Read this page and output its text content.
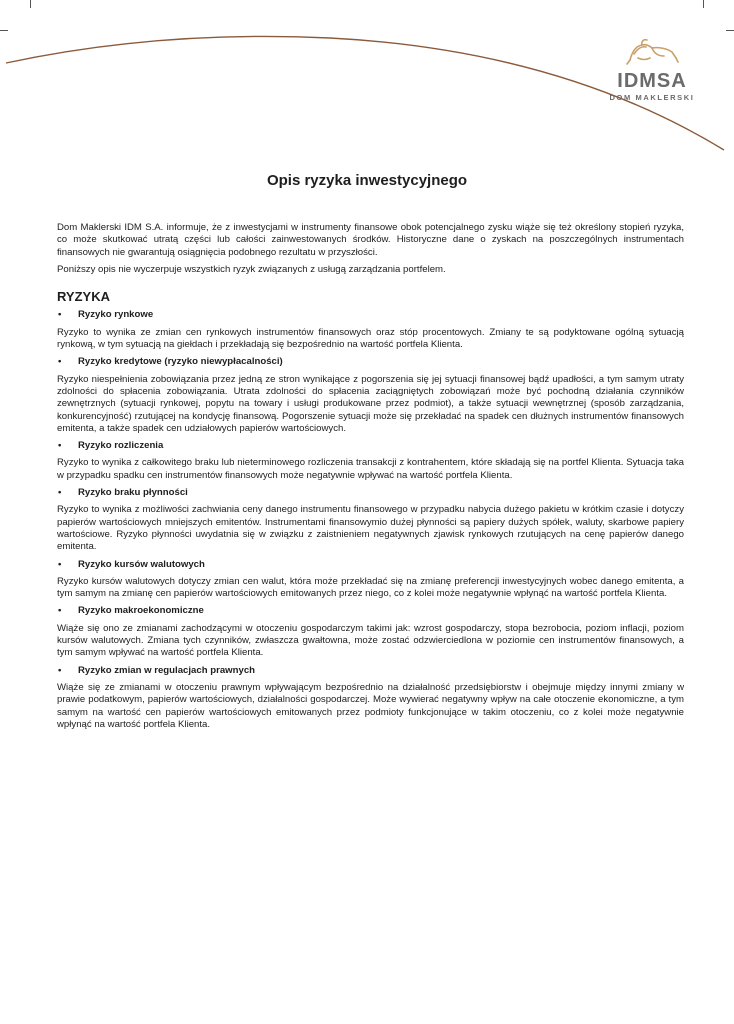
IDMSA
DOM MAKLERSKI
Opis ryzyka inwestycyjnego

Dom Maklerski IDM S.A. informuje, że z inwestycjami w instrumenty finansowe obok potencjalnego zysku wiąże się też określony stopień ryzyka, co może skutkować utratą części lub całości zainwestowanych środków. Historyczne dane o zyskach na poszczególnych instrumentach finansowych nie gwarantują osiągnięcia podobnego rezultatu w przyszłości.

Poniższy opis nie wyczerpuje wszystkich ryzyk związanych z usługą zarządzania portfelem.

RYZYKA
• Ryzyko rynkowe

Ryzyko to wynika ze zmian cen rynkowych instrumentów finansowych oraz stóp procentowych. Zmiany te są podyktowane ogólną sytuacją rynkową, w tym sytuacją na giełdach i przekładają się bezpośrednio na wartość portfela Klienta.

• Ryzyko kredytowe (ryzyko niewypłacalności)

Ryzyko niespełnienia zobowiązania przez jedną ze stron wynikające z pogorszenia się jej sytuacji finansowej bądź upadłości, a tym samym utraty zdolności do spłacenia zobowiązania. Utrata zdolności do spłacenia zaciągniętych zobowiązań może być pochodną działania czynników zewnętrznych (sytuacji rynkowej, popytu na towary i usługi produkowane przez podmiot), a także sytuacji wewnętrznej (sposób zarządzania, konkurencyjność) rzutującej na kondycję finansową. Pogorszenie sytuacji może się przekładać na spadek cen dłużnych instrumentów finansowych emitenta, a także spadek cen udziałowych papierów wartościowych.

• Ryzyko rozliczenia

Ryzyko to wynika z całkowitego braku lub nieterminowego rozliczenia transakcji z kontrahentem, które składają się na portfel Klienta. Sytuacja taka w przypadku spadku cen instrumentów finansowych może negatywnie wpływać na wartość portfela Klienta.

• Ryzyko braku płynności

Ryzyko to wynika z możliwości zachwiania ceny danego instrumentu finansowego w przypadku nabycia dużego pakietu w krótkim czasie i dotyczy papierów wartościowych mniejszych emitentów. Instrumentami finansowymio dużej płynności są papiery dużych spółek, waluty, skarbowe papiery wartościowe. Ryzyko płynności uwydatnia się w związku z zaistnieniem negatywnych zjawisk rynkowych rzutujących na cenę papierów danego emitenta.

• Ryzyko kursów walutowych

Ryzyko kursów walutowych dotyczy zmian cen walut, która może przekładać się na zmianę preferencji inwestycyjnych wobec danego emitenta, a tym samym na zmianę cen papierów wartościowych emitowanych przez niego, co z kolei może negatywnie wpłynąć na wartość portfela Klienta.

• Ryzyko makroekonomiczne

Wiąże się ono ze zmianami zachodzącymi w otoczeniu gospodarczym takimi jak: wzrost gospodarczy, stopa bezrobocia, poziom inflacji, poziom kursów walutowych. Zmiana tych czynników, zwłaszcza gwałtowna, może zostać odzwierciedlona w poziomie cen instrumentów finansowych, a tym samym wpływać na wartość portfela Klienta.

• Ryzyko zmian w regulacjach prawnych

Wiąże się ze zmianami w otoczeniu prawnym wpływającym bezpośrednio na działalność przedsiębiorstw i obejmuje między innymi zmiany w prawie podatkowym, papierów wartościowych, działalności gospodarczej. Może wywierać negatywny wpływ na całe otoczenie ekonomiczne, a tym samym na wartość cen papierów wartościowych emitowanych przez podmioty funkcjonujące w takim otoczeniu, co z kolei może negatywnie wpłynąć na wartość portfela Klienta.
